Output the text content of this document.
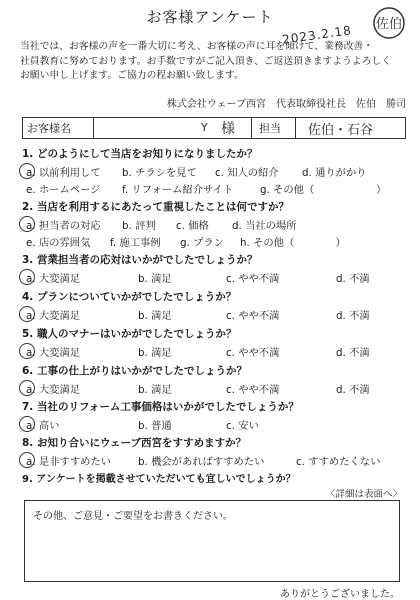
お客様アンケート
2023.2.18 佐伯
当社では、お客様の声を一番大切に考え、お客様の声に耳を傾けて、業務改善・
社員教育に努めております。お手数ですがご記入頂き、ご返送頂きますようよろしく
お願い申し上げます。ご協力の程お願い致します。
株式会社ウェーブ西宮　代表取締役社長　佐伯　勝司
お客様名	Y 様 担当 佐伯・石谷
1. どのようにして当店をお知りになりましたか？
a. 以前利用して b. チラシを見て c. 知人の紹介 d. 通りがかり
e. ホームページ f. リフォーム紹介サイト	g. その他（　　　　　　）
2. 当店を利用するにあたって重視したことは何ですか？
a. 担当者の対応 b. 評判 c. 価格 d. 当社の場所
e. 店の雰囲気 f. 施工事例 g. プラン h. その他（　　　　）
3. 営業担当者の応対はいかがでしたでしょうか？
a. 大変満足	b. 満足	c. やや不満	d. 不満
4. プランについていかがでしたでしょうか？
a. 大変満足	b. 満足	c. やや不満	d. 不満
5. 職人のマナーはいかがでしたでしょうか？
a. 大変満足	b. 満足	c. やや不満	d. 不満
6. 工事の仕上がりはいかがでしたでしょうか？
a. 大変満足	b. 満足	c. やや不満	d. 不満
7. 当社のリフォーム工事価格はいかがでしたでしょうか？
a. 高い	b. 普通	c. 安い
8. お知り合いにウェーブ西宮をすすめますか？
a. 是非すすめたい	b. 機会があればすすめたい	c. すすめたくない
9. アンケートを掲載させていただいても宜しいでしょうか？
〈詳細は表面へ〉
その他、ご意見・ご要望をお書きください。
ありがとうございました。
